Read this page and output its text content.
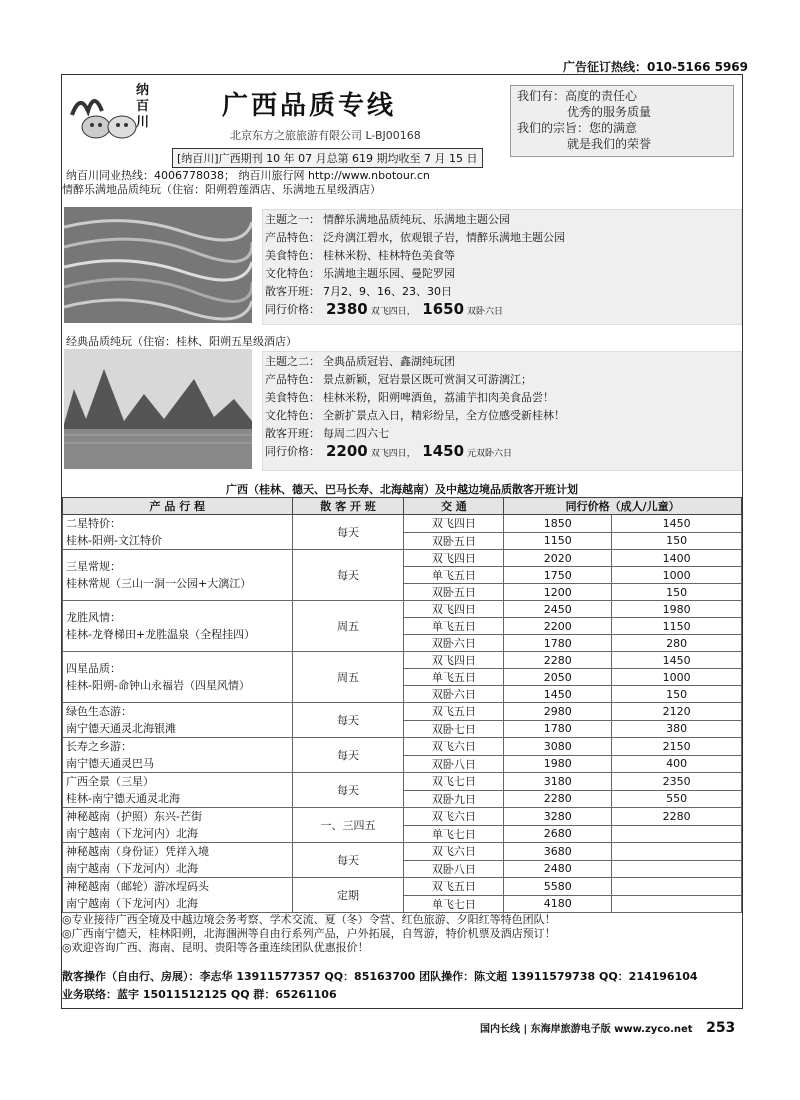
广告征订热线：010-5166 5969
纳百川
广西品质专线
北京东方之旅旅游有限公司 L-BJ00168
[纳百川]广西期刊 10 年 07 月总第 619 期均收至 7 月 15 日
我们有：高度的责任心
优秀的服务质量
我们的宗旨：您的满意
就是我们的荣誉
纳百川同业热线：4006778038； 纳百川旅行网 http://www.nbotour.cn
情醉乐满地品质纯玩（住宿：阳朔碧莲酒店、乐满地五星级酒店）
主题之一： 情醉乐满地品质纯玩、乐满地主题公园
产品特色： 泛舟漓江碧水，依观银子岩，情醉乐满地主题公园
美食特色： 桂林米粉、桂林特色美食等
文化特色： 乐满地主题乐园、曼陀罗园
散客开班： 7月2、9、16、23、30日
同行价格： 2380 双飞四日， 1650 双卧六日
经典品质纯玩（住宿：桂林、阳朔五星级酒店）
主题之二： 全典品质冠岩、鑫湖纯玩团
产品特色： 景点新颖，冠岩景区既可赏洞又可游漓江；
美食特色： 桂林米粉，阳朔啤酒鱼，荔浦芋扣肉美食品尝！
文化特色： 全新扩景点入日，精彩纷呈，全方位感受新桂林！
散客开班： 每周二四六七
同行价格： 2200 双飞四日， 1450 元双卧六日
广西（桂林、德天、巴马长寿、北海越南）及中越边境品质散客开班计划
产 品 行 程	散 客 开 班	交 通	同行价格（成人/儿童）	

二星特价：
桂林-阳朔-文江特价	每天	双飞四日	1850	1450
		双卧五日	1150	150

三星常规：
桂林常规（三山一洞一公园+大漓江）	每天	双飞四日	2020	1400
		单飞五日	1750	1000
		双卧五日	1200	150

龙胜风情：
桂林-龙脊梯田+龙胜温泉（全程挂四）	周五	双飞四日	2450	1980
		单飞五日	2200	1150
		双卧六日	1780	280

四星品质：
桂林-阳朔-命钟山永福岩（四星风情）	周五	双飞四日	2280	1450
		单飞五日	2050	1000
		双卧六日	1450	150

绿色生态游：
南宁德天通灵北海银滩	每天	双飞五日	2980	2120
		双卧七日	1780	380

长寿之乡游：
南宁德天通灵巴马	每天	双飞六日	3080	2150
		双卧八日	1980	400

广西全景（三星）
桂林-南宁德天通灵北海	每天	双飞七日	3180	2350
		双卧九日	2280	550

神秘越南（护照）东兴-芒街
南宁越南（下龙河内）北海	一、三四五	双飞六日	3280	2280
		单飞七日	2680	

神秘越南（身份证）凭祥入境
南宁越南（下龙河内）北海	每天	双飞六日	3680	
		双卧八日	2480	

神秘越南（邮轮）游冰埕码头
南宁越南（下龙河内）北海	定期	双飞五日	5580	
		单飞七日	4180	
◎专业接待广西全境及中越边境会务考察、学术交流、夏（冬）令营、红色旅游、夕阳红等特色团队！
◎广西南宁德天，桂林阳朔，北海涠洲等自由行系列产品，户外拓展，自驾游，特价机票及酒店预订！
◎欢迎咨询广西、海南、昆明、贵阳等各重连续团队优惠报价！
散客操作（自由行、房展）：李志华 13911577357 QQ：85163700 团队操作：陈文超 13911579738 QQ：214196104
业务联络：蓝宇 15011512125 QQ 群：65261106
国内长线 | 东海岸旅游电子版 www.zyco.net 253
